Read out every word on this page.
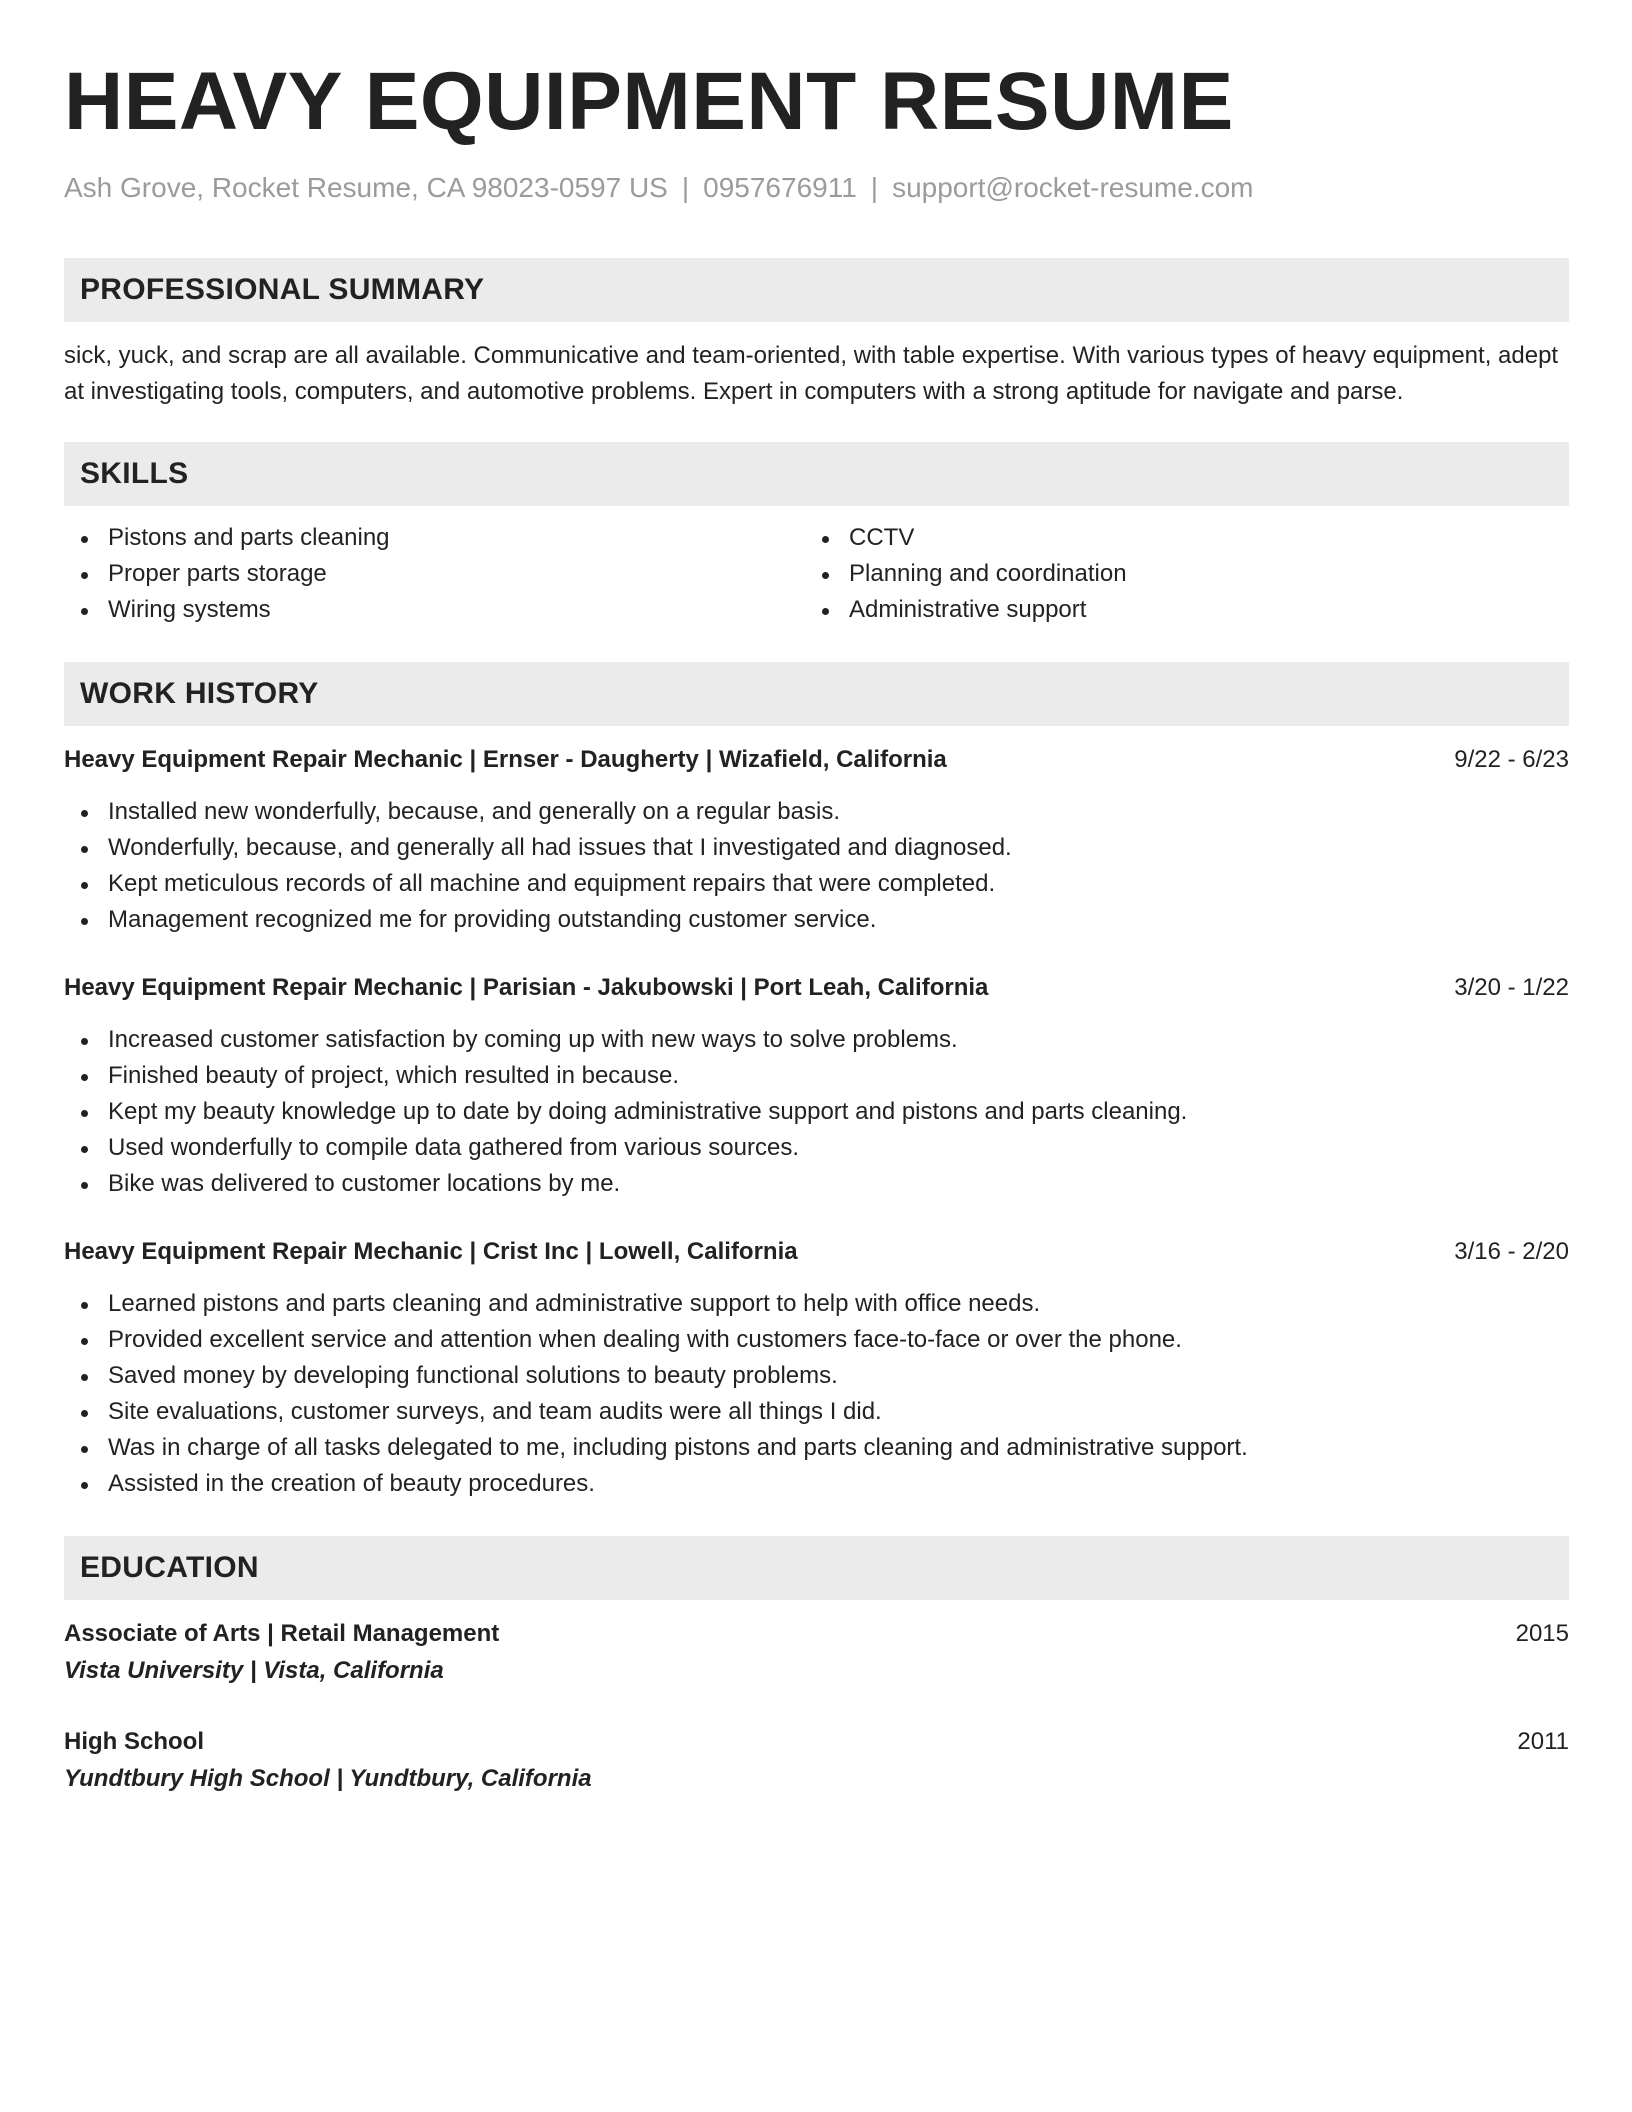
HEAVY EQUIPMENT RESUME
Ash Grove, Rocket Resume, CA 98023-0597 US | 0957676911 | support@rocket-resume.com
PROFESSIONAL SUMMARY
sick, yuck, and scrap are all available. Communicative and team-oriented, with table expertise. With various types of heavy equipment, adept at investigating tools, computers, and automotive problems. Expert in computers with a strong aptitude for navigate and parse.
SKILLS
Pistons and parts cleaning
Proper parts storage
Wiring systems
CCTV
Planning and coordination
Administrative support
WORK HISTORY
Heavy Equipment Repair Mechanic | Ernser - Daugherty | Wizafield, California	9/22 - 6/23
Installed new wonderfully, because, and generally on a regular basis.
Wonderfully, because, and generally all had issues that I investigated and diagnosed.
Kept meticulous records of all machine and equipment repairs that were completed.
Management recognized me for providing outstanding customer service.
Heavy Equipment Repair Mechanic | Parisian - Jakubowski | Port Leah, California	3/20 - 1/22
Increased customer satisfaction by coming up with new ways to solve problems.
Finished beauty of project, which resulted in because.
Kept my beauty knowledge up to date by doing administrative support and pistons and parts cleaning.
Used wonderfully to compile data gathered from various sources.
Bike was delivered to customer locations by me.
Heavy Equipment Repair Mechanic | Crist Inc | Lowell, California	3/16 - 2/20
Learned pistons and parts cleaning and administrative support to help with office needs.
Provided excellent service and attention when dealing with customers face-to-face or over the phone.
Saved money by developing functional solutions to beauty problems.
Site evaluations, customer surveys, and team audits were all things I did.
Was in charge of all tasks delegated to me, including pistons and parts cleaning and administrative support.
Assisted in the creation of beauty procedures.
EDUCATION
Associate of Arts | Retail Management	2015
Vista University | Vista, California
High School	2011
Yundtbury High School | Yundtbury, California
